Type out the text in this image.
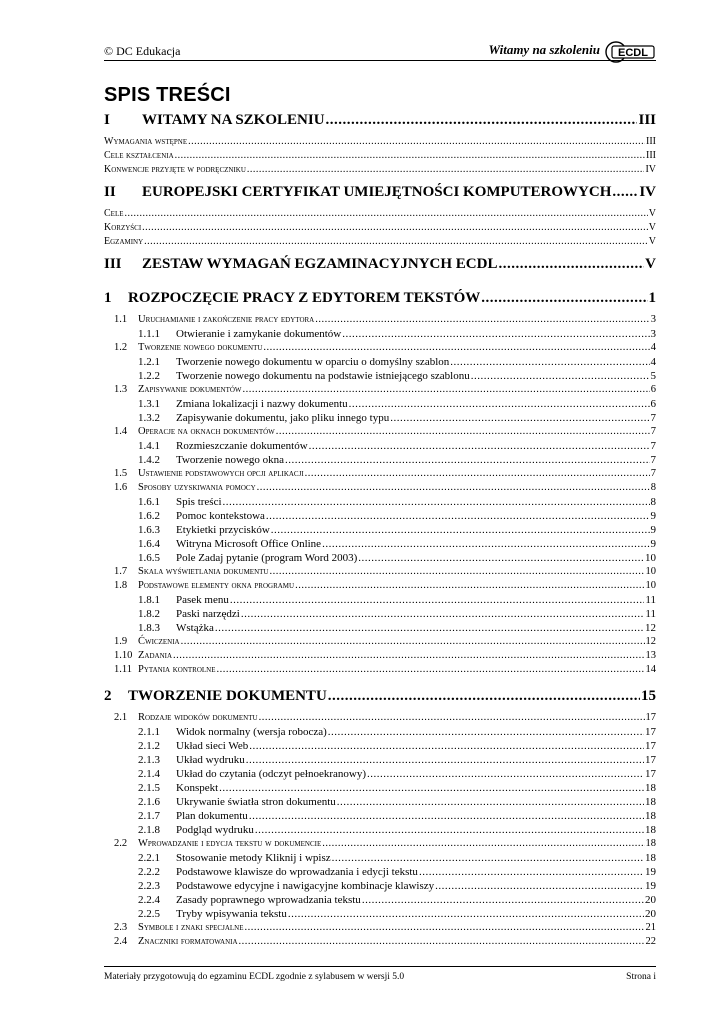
© DC Edukacja	Witamy na szkoleniu ECDL
SPIS TREŚCI
I	WITAMY NA SZKOLENIU .....	III
Wymagania wstępne .....	III
Cele kształcenia .....	III
Konwencje przyjęte w podręczniku .....	IV
II	EUROPEJSKI CERTYFIKAT UMIEJĘTNOŚCI KOMPUTEROWYCH ..... IV
Cele .....	V
Korzyści .....	V
Egzaminy .....	V
III	ZESTAW WYMAGAŃ EGZAMINACYJNYCH ECDL .....	V
1	ROZPOCZĘCIE PRACY Z EDYTOREM TEKSTÓW .....	1
1.1	Uruchamianie i zakończenie pracy edytora .....	3
1.1.1	Otwieranie i zamykanie dokumentów .....	3
1.2	Tworzenie nowego dokumentu .....	4
1.2.1	Tworzenie nowego dokumentu w oparciu o domyślny szablon .....	4
1.2.2	Tworzenie nowego dokumentu na podstawie istniejącego szablonu .....	5
1.3	Zapisywanie dokumentów .....	6
1.3.1	Zmiana lokalizacji i nazwy dokumentu .....	6
1.3.2	Zapisywanie dokumentu, jako pliku innego typu .....	7
1.4	Operacje na oknach dokumentów .....	7
1.4.1	Rozmieszczanie dokumentów .....	7
1.4.2	Tworzenie nowego okna .....	7
1.5	Ustawienie podstawowych opcji aplikacji .....	7
1.6	Sposoby uzyskiwania pomocy .....	8
1.6.1	Spis treści .....	8
1.6.2	Pomoc kontekstowa .....	9
1.6.3	Etykietki przycisków .....	9
1.6.4	Witryna Microsoft Office Online .....	9
1.6.5	Pole Zadaj pytanie (program Word 2003) .....	10
1.7	Skala wyświetlania dokumentu .....	10
1.8	Podstawowe elementy okna programu .....	10
1.8.1	Pasek menu .....	11
1.8.2	Paski narzędzi .....	11
1.8.3	Wstążka .....	12
1.9	Ćwiczenia .....	12
1.10 Zadania .....	13
1.11 Pytania kontrolne .....	14
2	TWORZENIE DOKUMENTU .....	15
2.1	Rodzaje widoków dokumentu .....	17
2.1.1	Widok normalny (wersja robocza) .....	17
2.1.2	Układ sieci Web .....	17
2.1.3	Układ wydruku .....	17
2.1.4	Układ do czytania (odczyt pełnoekranowy) .....	17
2.1.5	Konspekt .....	18
2.1.6	Ukrywanie światła stron dokumentu .....	18
2.1.7	Plan dokumentu .....	18
2.1.8	Podgląd wydruku .....	18
2.2	Wprowadzanie i edycja tekstu w dokumencie .....	18
2.2.1	Stosowanie metody Kliknij i wpisz .....	18
2.2.2	Podstawowe klawisze do wprowadzania i edycji tekstu .....	19
2.2.3	Podstawowe edycyjne i nawigacyjne kombinacje klawiszy .....	19
2.2.4	Zasady poprawnego wprowadzania tekstu .....	20
2.2.5	Tryby wpisywania tekstu .....	20
2.3	Symbole i znaki specjalne .....	21
2.4	Znaczniki formatowania .....	22
Materiały przygotowują do egzaminu ECDL zgodnie z sylabusem w wersji 5.0	Strona i
